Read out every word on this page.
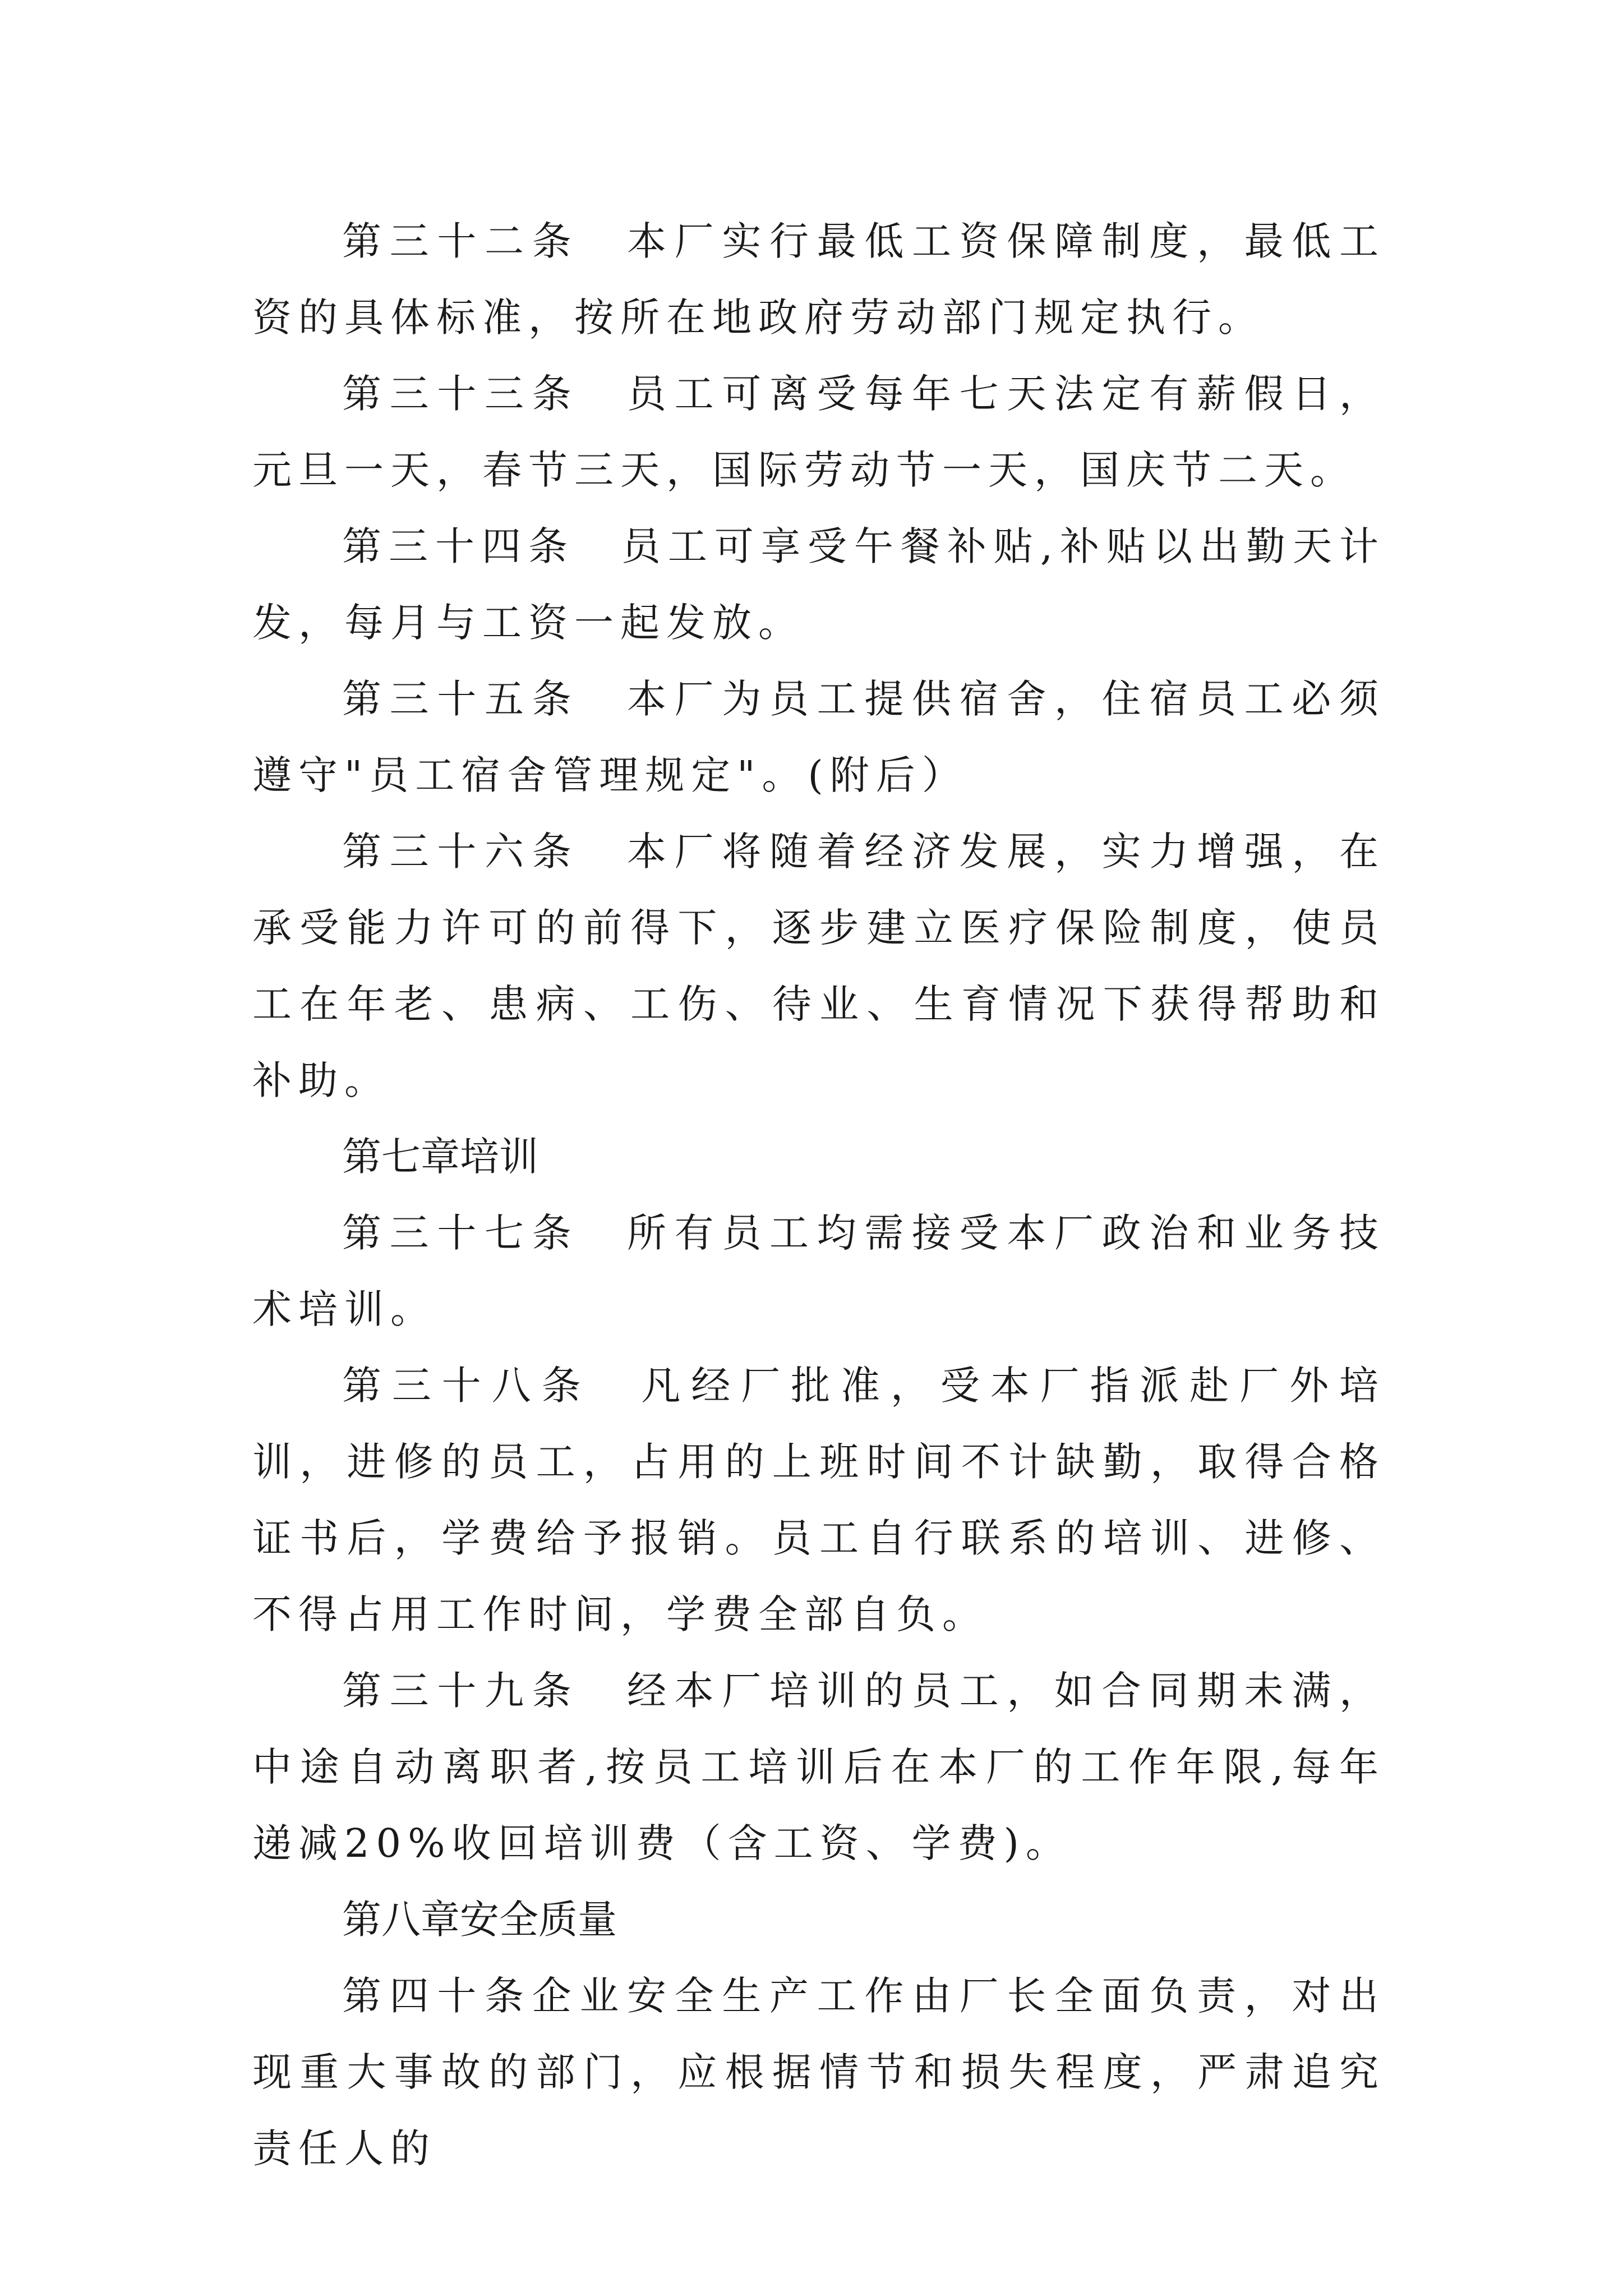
第三十二条　本厂实行最低工资保障制度，最低工资的具体标准，按所在地政府劳动部门规定执行。

第三十三条　员工可离受每年七天法定有薪假日，元旦一天，春节三天，国际劳动节一天，国庆节二天。

第三十四条　员工可享受午餐补贴,补贴以出勤天计发，每月与工资一起发放。

第三十五条　本厂为员工提供宿舍，住宿员工必须遵守"员工宿舍管理规定"。(附后）

第三十六条　本厂将随着经济发展，实力增强，在承受能力许可的前得下，逐步建立医疗保险制度，使员工在年老、患病、工伤、待业、生育情况下获得帮助和补助。

第七章培训

第三十七条　所有员工均需接受本厂政治和业务技术培训。

第三十八条　凡经厂批准，受本厂指派赴厂外培训，进修的员工，占用的上班时间不计缺勤，取得合格证书后，学费给予报销。员工自行联系的培训、进修、不得占用工作时间，学费全部自负。

第三十九条　经本厂培训的员工，如合同期未满，中途自动离职者,按员工培训后在本厂的工作年限,每年递减20%收回培训费（含工资、学费)。

第八章安全质量

第四十条企业安全生产工作由厂长全面负责，对出现重大事故的部门，应根据情节和损失程度，严肃追究责任人的
